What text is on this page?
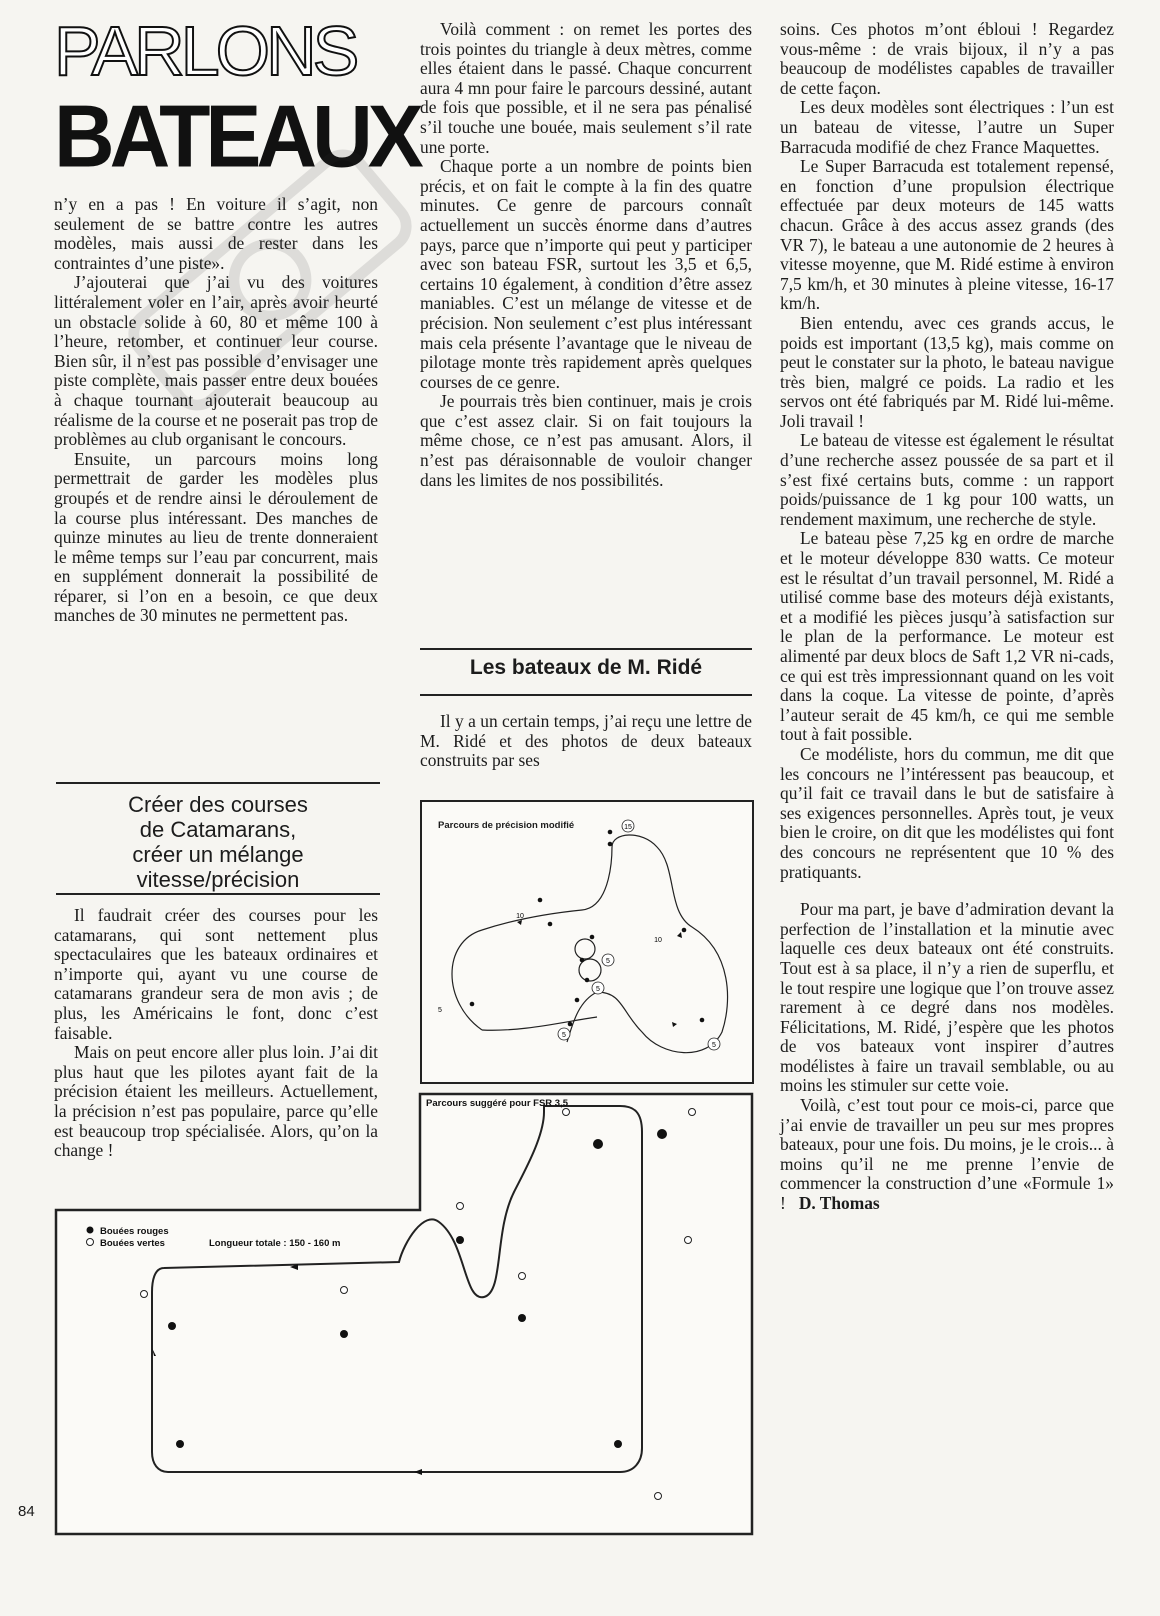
PARLONS
BATEAUX

n’y en a pas ! En voiture il s’agit, non seulement de se battre contre les autres modèles, mais aussi de rester dans les contraintes d’une piste».

J’ajouterai que j’ai vu des voitures littéralement voler en l’air, après avoir heurté un obstacle solide à 60, 80 et même 100 à l’heure, retomber, et continuer leur course. Bien sûr, il n’est pas possible d’envisager une piste complète, mais passer entre deux bouées à chaque tournant ajouterait beaucoup au réalisme de la course et ne poserait pas trop de problèmes au club organisant le concours.

Ensuite, un parcours moins long permettrait de garder les modèles plus groupés et de rendre ainsi le déroulement de la course plus intéressant. Des manches de quinze minutes au lieu de trente donneraient le même temps sur l’eau par concurrent, mais en supplément donnerait la possibilité de réparer, si l’on en a besoin, ce que deux manches de 30 minutes ne permettent pas.

Créer des courses
de Catamarans,
créer un mélange
vitesse/précision

Il faudrait créer des courses pour les catamarans, qui sont nettement plus spectaculaires que les bateaux ordinaires et n’importe qui, ayant vu une course de catamarans grandeur sera de mon avis ; de plus, les Américains le font, donc c’est faisable.

Mais on peut encore aller plus loin. J’ai dit plus haut que les pilotes ayant fait de la précision étaient les meilleurs. Actuellement, la précision n’est pas populaire, parce qu’elle est beaucoup trop spécialisée. Alors, qu’on la change !

Voilà comment : on remet les portes des trois pointes du triangle à deux mètres, comme elles étaient dans le passé. Chaque concurrent aura 4 mn pour faire le parcours dessiné, autant de fois que possible, et il ne sera pas pénalisé s’il touche une bouée, mais seulement s’il rate une porte.

Chaque porte a un nombre de points bien précis, et on fait le compte à la fin des quatre minutes. Ce genre de parcours connaît actuellement un succès énorme dans d’autres pays, parce que n’importe qui peut y participer avec son bateau FSR, surtout les 3,5 et 6,5, certains 10 également, à condition d’être assez maniables. C’est un mélange de vitesse et de précision. Non seulement c’est plus intéressant mais cela présente l’avantage que le niveau de pilotage monte très rapidement après quelques courses de ce genre.

Je pourrais très bien continuer, mais je crois que c’est assez clair. Si on fait toujours la même chose, ce n’est pas amusant. Alors, il n’est pas déraisonnable de vouloir changer dans les limites de nos possibilités.

Les bateaux de M. Ridé

Il y a un certain temps, j’ai reçu une lettre de M. Ridé et des photos de deux bateaux construits par ses

soins. Ces photos m’ont ébloui ! Regardez vous-même : de vrais bijoux, il n’y a pas beaucoup de modélistes capables de travailler de cette façon.

Les deux modèles sont électriques : l’un est un bateau de vitesse, l’autre un Super Barracuda modifié de chez France Maquettes.

Le Super Barracuda est totalement repensé, en fonction d’une propulsion électrique effectuée par deux moteurs de 145 watts chacun. Grâce à des accus assez grands (des VR 7), le bateau a une autonomie de 2 heures à vitesse moyenne, que M. Ridé estime à environ 7,5 km/h, et 30 minutes à pleine vitesse, 16-17 km/h.

Bien entendu, avec ces grands accus, le poids est important (13,5 kg), mais comme on peut le constater sur la photo, le bateau navigue très bien, malgré ce poids. La radio et les servos ont été fabriqués par M. Ridé lui-même. Joli travail !

Le bateau de vitesse est également le résultat d’une recherche assez poussée de sa part et il s’est fixé certains buts, comme : un rapport poids/puissance de 1 kg pour 100 watts, un rendement maximum, une recherche de style.

Le bateau pèse 7,25 kg en ordre de marche et le moteur développe 830 watts. Ce moteur est le résultat d’un travail personnel, M. Ridé a utilisé comme base des moteurs déjà existants, et a modifié les pièces jusqu’à satisfaction sur le plan de la performance. Le moteur est alimenté par deux blocs de Saft 1,2 VR ni-cads, ce qui est très impressionnant quand on les voit dans la coque. La vitesse de pointe, d’après l’auteur serait de 45 km/h, ce qui me semble tout à fait possible.

Ce modéliste, hors du commun, me dit que les concours ne l’intéressent pas beaucoup, et qu’il fait ce travail dans le but de satisfaire à ses exigences personnelles. Après tout, je veux bien le croire, on dit que les modélistes qui font des concours ne représentent que 10 % des pratiquants.

Pour ma part, je bave d’admiration devant la perfection de l’installation et la minutie avec laquelle ces deux bateaux ont été construits. Tout est à sa place, il n’y a rien de superflu, et le tout respire une logique que l’on trouve assez rarement à ce degré dans nos modèles. Félicitations, M. Ridé, j’espère que les photos de vos bateaux vont inspirer d’autres modélistes à faire un travail semblable, ou au moins les stimuler sur cette voie.

Voilà, c’est tout pour ce mois-ci, parce que j’ai envie de travailler un peu sur mes propres bateaux, pour une fois. Du moins, je le crois... à moins qu’il ne me prenne l’envie de commencer la construction d’une «Formule 1» ! D. Thomas

Parcours de précision modifié	15
10
10
5
5
5
5
5
Parcours suggéré pour FSR 3,5
Bouées rouges
Bouées vertes	Longueur totale : 150 - 160 m
84
